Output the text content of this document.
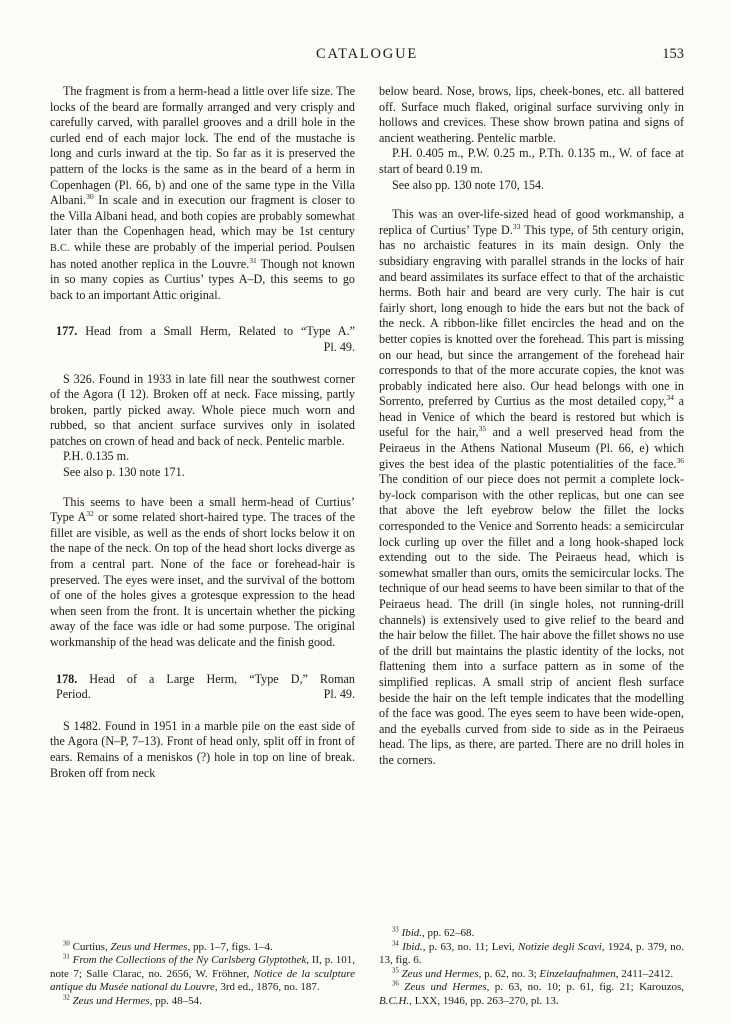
CATALOGUE	153

The fragment is from a herm-head a little over life size. The locks of the beard are formally arranged and very crisply and carefully carved, with parallel grooves and a drill hole in the curled end of each major lock. The end of the mustache is long and curls inward at the tip. So far as it is preserved the pattern of the locks is the same as in the beard of a herm in Copenhagen (Pl. 66, b) and one of the same type in the Villa Albani.$^{30}$ In scale and in execution our fragment is closer to the Villa Albani head, and both copies are probably somewhat later than the Copenhagen head, which may be 1st century B.C. while these are probably of the imperial period. Poulsen has noted another replica in the Louvre.$^{31}$ Though not known in so many copies as Curtius’ types A–D, this seems to go back to an important Attic original.

177. Head from a Small Herm, Related to “Type A.”

Pl. 49.

S 326. Found in 1933 in late fill near the southwest corner of the Agora (I 12). Broken off at neck. Face missing, partly broken, partly picked away. Whole piece much worn and rubbed, so that ancient surface survives only in isolated patches on crown of head and back of neck. Pentelic marble.

P.H. 0.135 m.

See also p. 130 note 171.

This seems to have been a small herm-head of Curtius’ Type $A^{32}$ or some related short-haired type. The traces of the fillet are visible, as well as the ends of short locks below it on the nape of the neck. On top of the head short locks diverge as from a central part. None of the face or forehead-hair is preserved. The eyes were inset, and the survival of the bottom of one of the holes gives a grotesque expression to the head when seen from the front. It is uncertain whether the picking away of the face was idle or had some purpose. The original workmanship of the head was delicate and the finish good.

178. Head of a Large Herm, “Type D,” Roman

Period.	Pl. 49.

S 1482. Found in 1951 in a marble pile on the east side of the Agora (N–P, 7–13). Front of head only, split off in front of ears. Remains of a meniskos (?) hole in top on line of break. Broken off from neck

$^{30}$ Curtius, Zeus und Hermes, pp. 1–7, figs. 1–4.

$^{31}$ From the Collections of the Ny Carlsberg Glyptothek, II, p. 101, note 7; Salle Clarac, no. 2656, W. Fröhner, Notice de la sculpture antique du Musée national du Louvre, 3rd ed., 1876, no. 187.

$^{32}$ Zeus und Hermes, pp. 48–54.

below beard. Nose, brows, lips, cheek-bones, etc. all battered off. Surface much flaked, original surface surviving only in hollows and crevices. These show brown patina and signs of ancient weathering. Pentelic marble.

P.H. 0.405 m., P.W. 0.25 m., P.Th. 0.135 m., W. of face at start of beard 0.19 m.

See also pp. 130 note 170, 154.

This was an over-life-sized head of good workmanship, a replica of Curtius’ Type D.$^{33}$ This type, of 5th century origin, has no archaistic features in its main design. Only the subsidiary engraving with parallel strands in the locks of hair and beard assimilates its surface effect to that of the archaistic herms. Both hair and beard are very curly. The hair is cut fairly short, long enough to hide the ears but not the back of the neck. A ribbon-like fillet encircles the head and on the better copies is knotted over the forehead. This part is missing on our head, but since the arrangement of the forehead hair corresponds to that of the more accurate copies, the knot was probably indicated here also. Our head belongs with one in Sorrento, preferred by Curtius as the most detailed copy,$^{34}$ a head in Venice of which the beard is restored but which is useful for the hair,$^{35}$ and a well preserved head from the Peiraeus in the Athens National Museum (Pl. 66, e) which gives the best idea of the plastic potentialities of the face.$^{36}$ The condition of our piece does not permit a complete lock-by-lock comparison with the other replicas, but one can see that above the left eyebrow below the fillet the locks corresponded to the Venice and Sorrento heads: a semicircular lock curling up over the fillet and a long hook-shaped lock extending out to the side. The Peiraeus head, which is somewhat smaller than ours, omits the semicircular locks. The technique of our head seems to have been similar to that of the Peiraeus head. The drill (in single holes, not running-drill channels) is extensively used to give relief to the beard and the hair below the fillet. The hair above the fillet shows no use of the drill but maintains the plastic identity of the locks, not flattening them into a surface pattern as in some of the simplified replicas. A small strip of ancient flesh surface beside the hair on the left temple indicates that the modelling of the face was good. The eyes seem to have been wide-open, and the eyeballs curved from side to side as in the Peiraeus head. The lips, as there, are parted. There are no drill holes in the corners.

$^{33}$ Ibid., pp. 62–68.

$^{34}$ Ibid., p. 63, no. 11; Levi, Notizie degli Scavi, 1924, p. 379, no. 13, fig. 6.

$^{35}$ Zeus und Hermes, p. 62, no. 3; Einzelaufnahmen, 2411–2412.

$^{36}$ Zeus und Hermes, p. 63, no. 10; p. 61, fig. 21; Karouzos, B.C.H., LXX, 1946, pp. 263–270, pl. 13.
